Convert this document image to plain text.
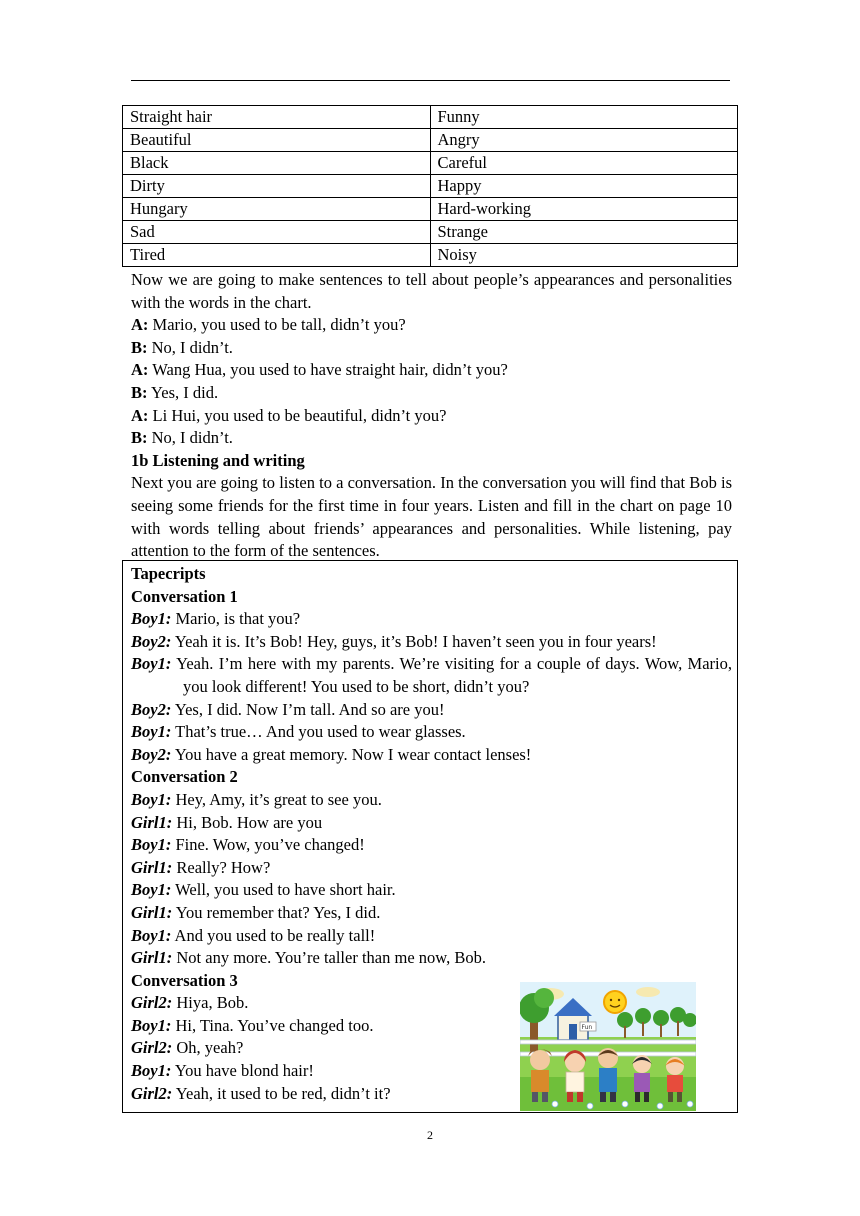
Straight hair	Funny
Beautiful	Angry
Black	Careful
Dirty	Happy
Hungary	Hard-working
Sad	Strange
Tired	Noisy

Now we are going to make sentences to tell about people’s appearances and personalities with the words in the chart.

A: Mario, you used to be tall, didn’t you?

B: No, I didn’t.

A: Wang Hua, you used to have straight hair, didn’t you?

B: Yes, I did.

A: Li Hui, you used to be beautiful, didn’t you?

B: No, I didn’t.

1b Listening and writing

Next you are going to listen to a conversation. In the conversation you will find that Bob is seeing some friends for the first time in four years. Listen and fill in the chart on page 10 with words telling about friends’ appearances and personalities. While listening, pay attention to the form of the sentences.

Tapecripts

Conversation 1

Boy1: Mario, is that you?

Boy2: Yeah it is. It’s Bob! Hey, guys, it’s Bob! I haven’t seen you in four years!

Boy1: Yeah. I’m here with my parents. We’re visiting for a couple of days. Wow, Mario, you look different! You used to be short, didn’t you?

Boy2: Yes, I did. Now I’m tall. And so are you!

Boy1: That’s true… And you used to wear glasses.

Boy2: You have a great memory. Now I wear contact lenses!

Conversation 2

Boy1: Hey, Amy, it’s great to see you.

Girl1: Hi, Bob. How are you

Boy1: Fine. Wow, you’ve changed!

Girl1: Really? How?

Boy1: Well, you used to have short hair.

Girl1: You remember that? Yes, I did.

Boy1: And you used to be really tall!

Girl1: Not any more. You’re taller than me now, Bob.

Conversation 3

Girl2: Hiya, Bob.

Boy1: Hi, Tina. You’ve changed too.

Girl2: Oh, yeah?

Boy1: You have blond hair!

Girl2: Yeah, it used to be red, didn’t it?

Fun
2
